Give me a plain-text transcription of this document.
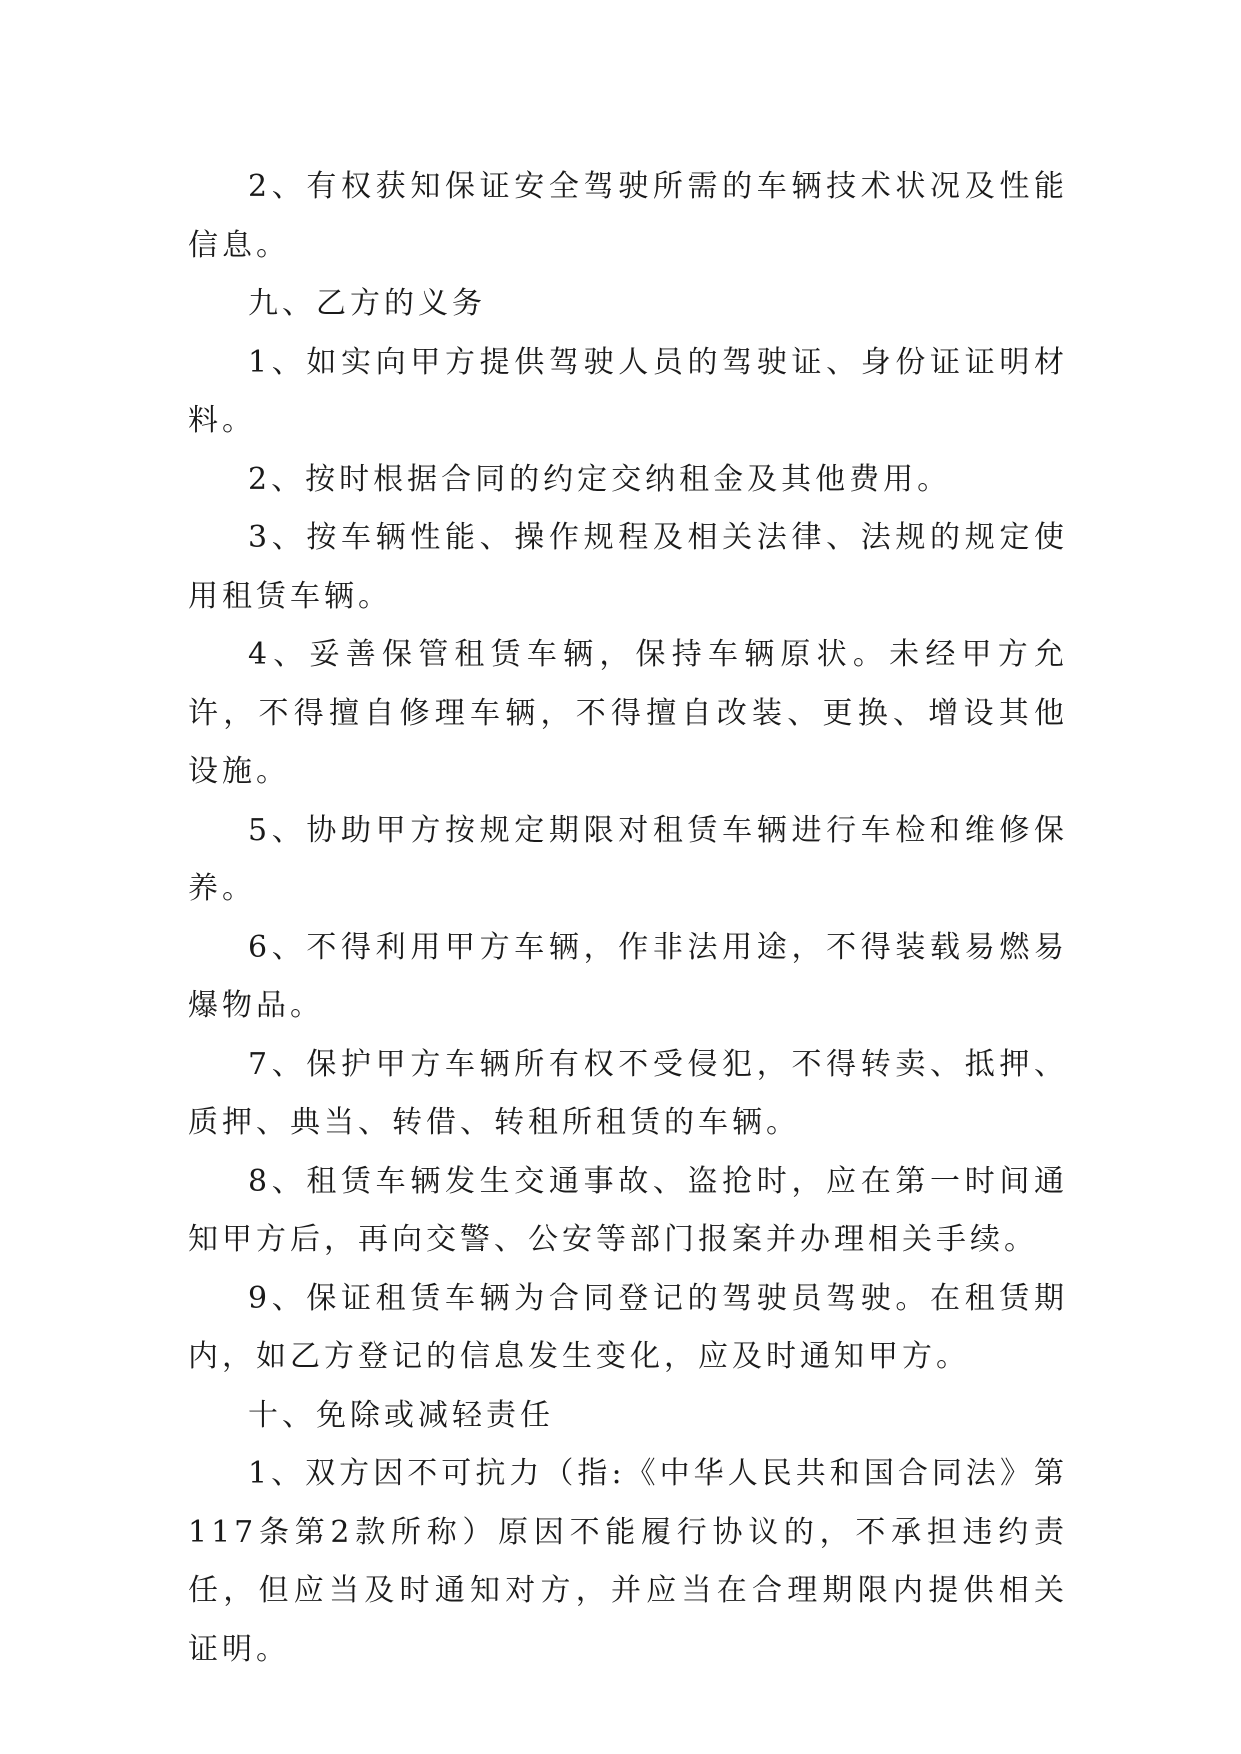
2、有权获知保证安全驾驶所需的车辆技术状况及性能信息。

九、乙方的义务

1、如实向甲方提供驾驶人员的驾驶证、身份证证明材料。

2、按时根据合同的约定交纳租金及其他费用。

3、按车辆性能、操作规程及相关法律、法规的规定使用租赁车辆。

4、妥善保管租赁车辆，保持车辆原状。未经甲方允许，不得擅自修理车辆，不得擅自改装、更换、增设其他设施。

5、协助甲方按规定期限对租赁车辆进行车检和维修保养。

6、不得利用甲方车辆，作非法用途，不得装载易燃易爆物品。

7、保护甲方车辆所有权不受侵犯，不得转卖、抵押、质押、典当、转借、转租所租赁的车辆。

8、租赁车辆发生交通事故、盗抢时，应在第一时间通知甲方后，再向交警、公安等部门报案并办理相关手续。

9、保证租赁车辆为合同登记的驾驶员驾驶。在租赁期内，如乙方登记的信息发生变化，应及时通知甲方。

十、免除或减轻责任

1、双方因不可抗力（指:《中华人民共和国合同法》第117条第2款所称）原因不能履行协议的，不承担违约责任，但应当及时通知对方，并应当在合理期限内提供相关证明。
